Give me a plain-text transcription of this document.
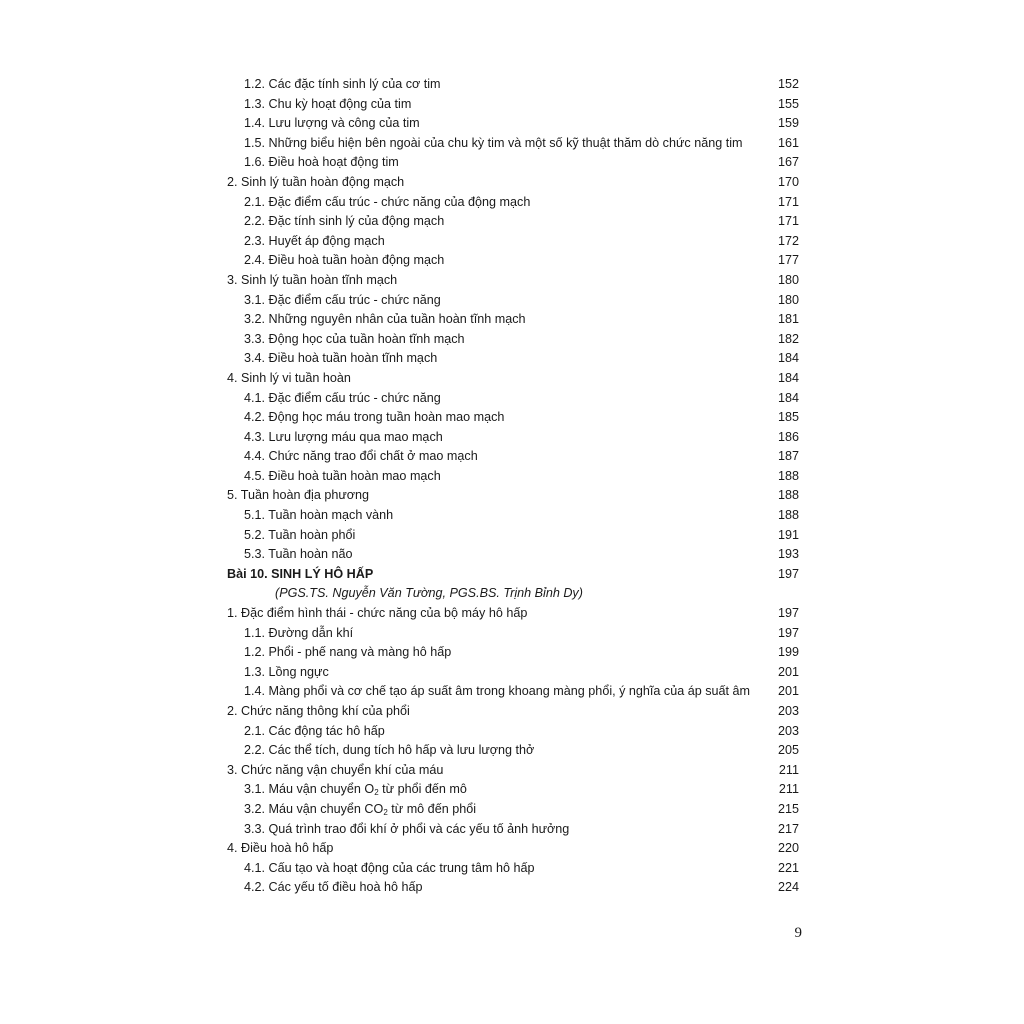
1.2. Các đặc tính sinh lý của cơ tim	152
1.3. Chu kỳ hoạt động của tim	155
1.4. Lưu lượng và công của tim	159
1.5. Những biểu hiện bên ngoài của chu kỳ tim và một số kỹ thuật thăm dò chức năng tim	161
1.6. Điều hoà hoạt động tim	167
2. Sinh lý tuần hoàn động mạch	170
2.1. Đặc điểm cấu trúc - chức năng của động mạch	171
2.2. Đặc tính sinh lý của động mạch	171
2.3. Huyết áp động mạch	172
2.4. Điều hoà tuần hoàn động mạch	177
3. Sinh lý tuần hoàn tĩnh mạch	180
3.1. Đặc điểm cấu trúc - chức năng	180
3.2. Những nguyên nhân của tuần hoàn tĩnh mạch	181
3.3. Động học của tuần hoàn tĩnh mạch	182
3.4. Điều hoà tuần hoàn tĩnh mạch	184
4. Sinh lý vi tuần hoàn	184
4.1. Đặc điểm cấu trúc - chức năng	184
4.2. Động học máu trong tuần hoàn mao mạch	185
4.3. Lưu lượng máu qua mao mạch	186
4.4. Chức năng trao đổi chất ở mao mạch	187
4.5. Điều hoà tuần hoàn mao mạch	188
5. Tuần hoàn địa phương	188
5.1. Tuần hoàn mạch vành	188
5.2. Tuần hoàn phổi	191
5.3. Tuần hoàn não	193
Bài 10. SINH LÝ HÔ HẤP	197
(PGS.TS. Nguyễn Văn Tường, PGS.BS. Trịnh Bỉnh Dy)
1. Đặc điểm hình thái - chức năng của bộ máy hô hấp	197
1.1. Đường dẫn khí	197
1.2. Phổi - phế nang và màng hô hấp	199
1.3. Lồng ngực	201
1.4. Màng phổi và cơ chế tạo áp suất âm trong khoang màng phổi, ý nghĩa của áp suất âm 201
2. Chức năng thông khí của phổi	203
2.1. Các động tác hô hấp	203
2.2. Các thể tích, dung tích hô hấp và lưu lượng thở	205
3. Chức năng vận chuyển khí của máu	211
3.1. Máu vận chuyển $O_2$ từ phổi đến mô	211
3.2. Máu vận chuyển $CO_2$ từ mô đến phổi	215
3.3. Quá trình trao đổi khí ở phổi và các yếu tố ảnh hưởng	217
4. Điều hoà hô hấp	220
4.1. Cấu tạo và hoạt động của các trung tâm hô hấp	221
4.2. Các yếu tố điều hoà hô hấp	224
9
